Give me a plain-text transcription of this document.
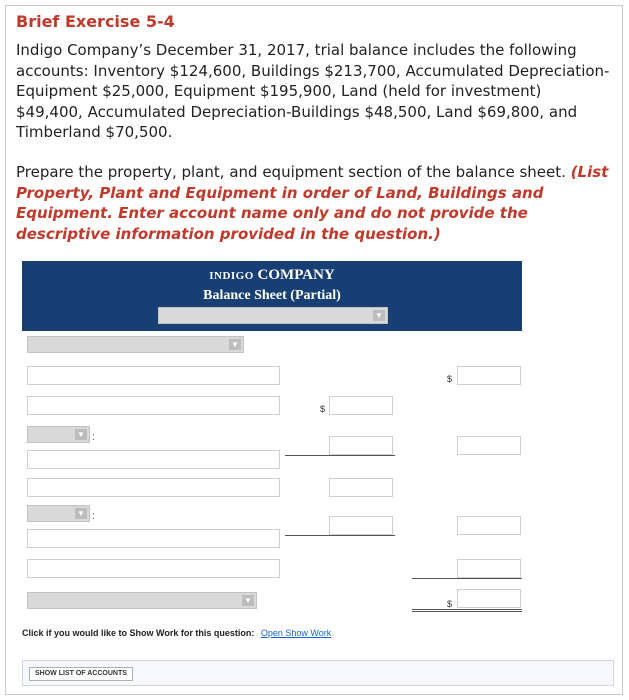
Brief Exercise 5-4
Indigo Company’s December 31, 2017, trial balance includes the following accounts: Inventory $124,600, Buildings $213,700, Accumulated Depreciation-Equipment $25,000, Equipment $195,900, Land (held for investment) $49,400, Accumulated Depreciation-Buildings $48,500, Land $69,800, and Timberland $70,500.
Prepare the property, plant, and equipment section of the balance sheet. (List Property, Plant and Equipment in order of Land, Buildings and Equipment. Enter account name only and do not provide the descriptive information provided in the question.)
INDIGO COMPANY
Balance Sheet (Partial)
▼
▼
$
$
▼ :
▼ :
▼	$
Click if you would like to Show Work for this question: Open Show Work
SHOW LIST OF ACCOUNTS
